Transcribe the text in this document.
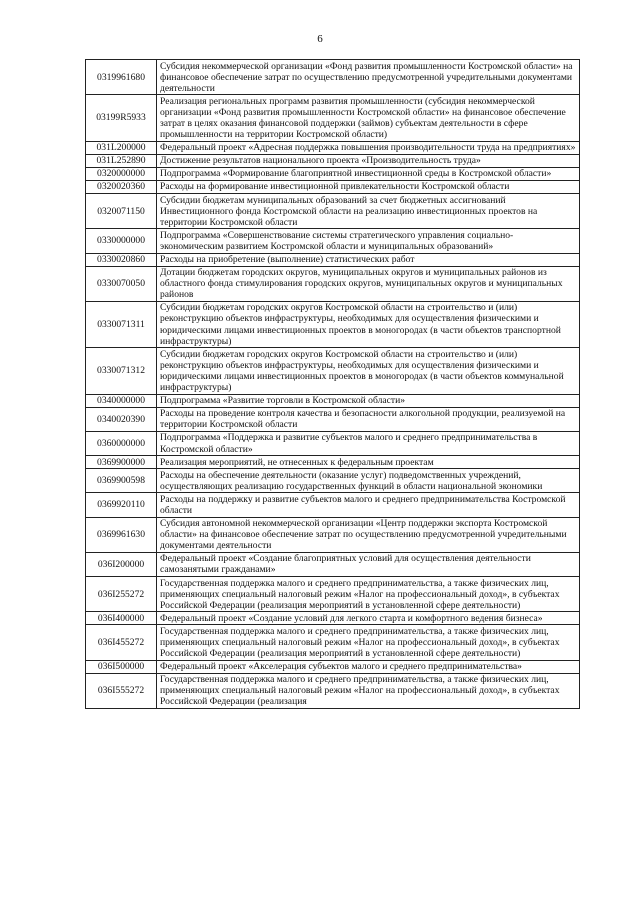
6
0319961680	Субсидия некоммерческой организации «Фонд развития промышленности Костромской области» на финансовое обеспечение затрат по осуществлению предусмотренной учредительными документами деятельности
03199R5933	Реализация региональных программ развития промышленности (субсидия некоммерческой организации «Фонд развития промышленности Костромской области» на финансовое обеспечение затрат в целях оказания финансовой поддержки (займов) субъектам деятельности в сфере промышленности на территории Костромской области)
031L200000	Федеральный проект «Адресная поддержка повышения производительности труда на предприятиях»
031L252890	Достижение результатов национального проекта «Производительность труда»
0320000000	Подпрограмма «Формирование благоприятной инвестиционной среды в Костромской области»
0320020360	Расходы на формирование инвестиционной привлекательности Костромской области
0320071150	Субсидии бюджетам муниципальных образований за счет бюджетных ассигнований Инвестиционного фонда Костромской области на реализацию инвестиционных проектов на территории Костромской области
0330000000	Подпрограмма «Совершенствование системы стратегического управления социально-экономическим развитием Костромской области и муниципальных образований»
0330020860	Расходы на приобретение (выполнение) статистических работ
0330070050	Дотации бюджетам городских округов, муниципальных округов и муниципальных районов из областного фонда стимулирования городских округов, муниципальных округов и муниципальных районов
0330071311	Субсидии бюджетам городских округов Костромской области на строительство и (или) реконструкцию объектов инфраструктуры, необходимых для осуществления физическими и юридическими лицами инвестиционных проектов в моногородах (в части объектов транспортной инфраструктуры)
0330071312	Субсидии бюджетам городских округов Костромской области на строительство и (или) реконструкцию объектов инфраструктуры, необходимых для осуществления физическими и юридическими лицами инвестиционных проектов в моногородах (в части объектов коммунальной инфраструктуры)
0340000000	Подпрограмма «Развитие торговли в Костромской области»
0340020390	Расходы на проведение контроля качества и безопасности алкогольной продукции, реализуемой на территории Костромской области
0360000000	Подпрограмма «Поддержка и развитие субъектов малого и среднего предпринимательства в Костромской области»
0369900000	Реализация мероприятий, не отнесенных к федеральным проектам
0369900598	Расходы на обеспечение деятельности (оказание услуг) подведомственных учреждений, осуществляющих реализацию государственных функций в области национальной экономики
0369920110	Расходы на поддержку и развитие субъектов малого и среднего предпринимательства Костромской области
0369961630	Субсидия автономной некоммерческой организации «Центр поддержки экспорта Костромской области» на финансовое обеспечение затрат по осуществлению предусмотренной учредительными документами деятельности
036I200000	Федеральный проект «Создание благоприятных условий для осуществления деятельности самозанятыми гражданами»
036I255272	Государственная поддержка малого и среднего предпринимательства, а также физических лиц, применяющих специальный налоговый режим «Налог на профессиональный доход», в субъектах Российской Федерации (реализация мероприятий в установленной сфере деятельности)
036I400000	Федеральный проект «Создание условий для легкого старта и комфортного ведения бизнеса»
036I455272	Государственная поддержка малого и среднего предпринимательства, а также физических лиц, применяющих специальный налоговый режим «Налог на профессиональный доход», в субъектах Российской Федерации (реализация мероприятий в установленной сфере деятельности)
036I500000	Федеральный проект «Акселерация субъектов малого и среднего предпринимательства»
036I555272	Государственная поддержка малого и среднего предпринимательства, а также физических лиц, применяющих специальный налоговый режим «Налог на профессиональный доход», в субъектах Российской Федерации (реализация
